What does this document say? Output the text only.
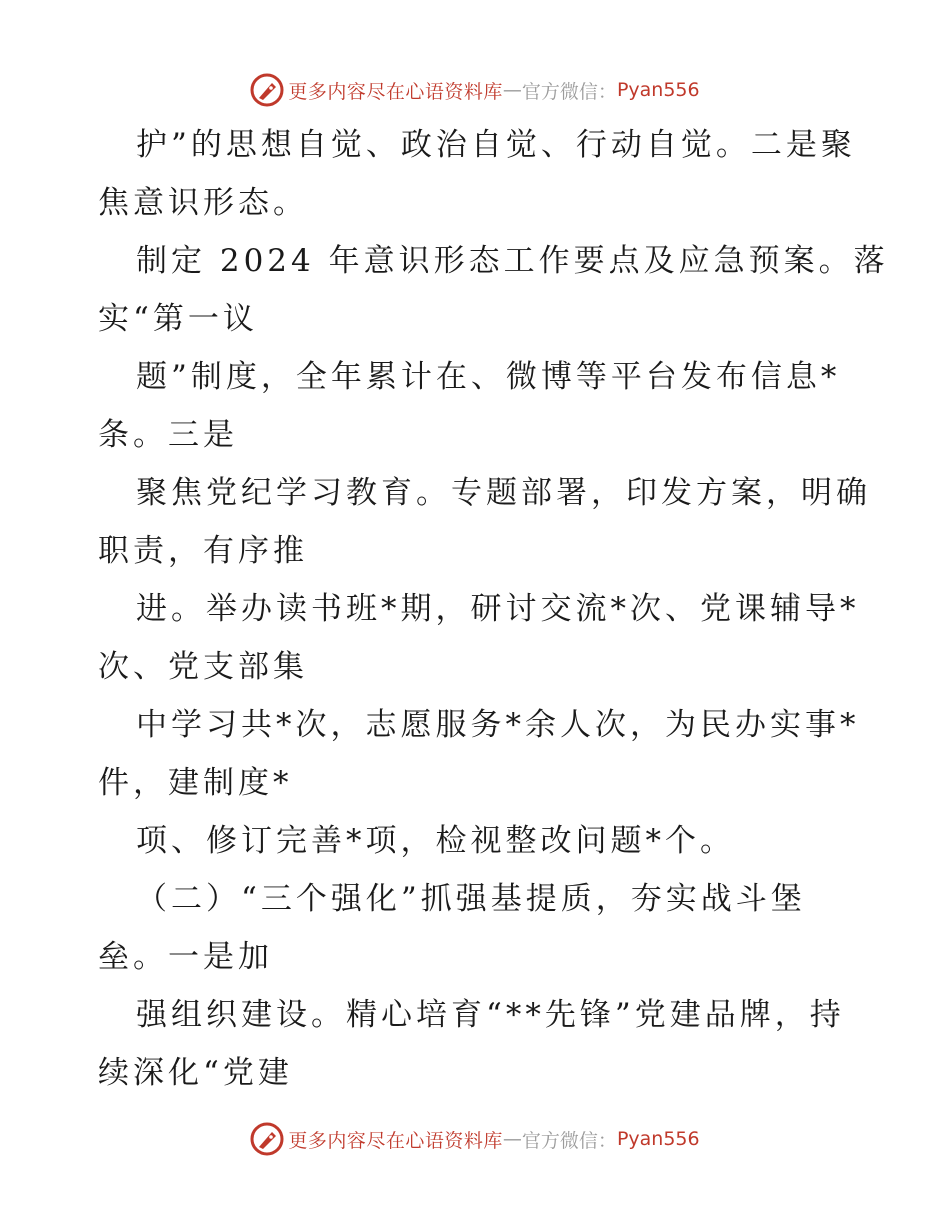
更多内容尽在心语资料库 — 官方微信： Pyan556
护”的思想自觉、政治自觉、行动自觉。二是聚
焦意识形态。
制定 2024 年意识形态工作要点及应急预案。落
实“第一议
题”制度，全年累计在、微博等平台发布信息*
条。三是
聚焦党纪学习教育。专题部署，印发方案，明确
职责，有序推
进。举办读书班*期，研讨交流*次、党课辅导*
次、党支部集
中学习共*次，志愿服务*余人次，为民办实事*
件，建制度*
项、修订完善*项，检视整改问题*个。
（二）“三个强化”抓强基提质，夯实战斗堡
垒。一是加
强组织建设。精心培育“**先锋”党建品牌，持
续深化“党建
更多内容尽在心语资料库 — 官方微信： Pyan556
